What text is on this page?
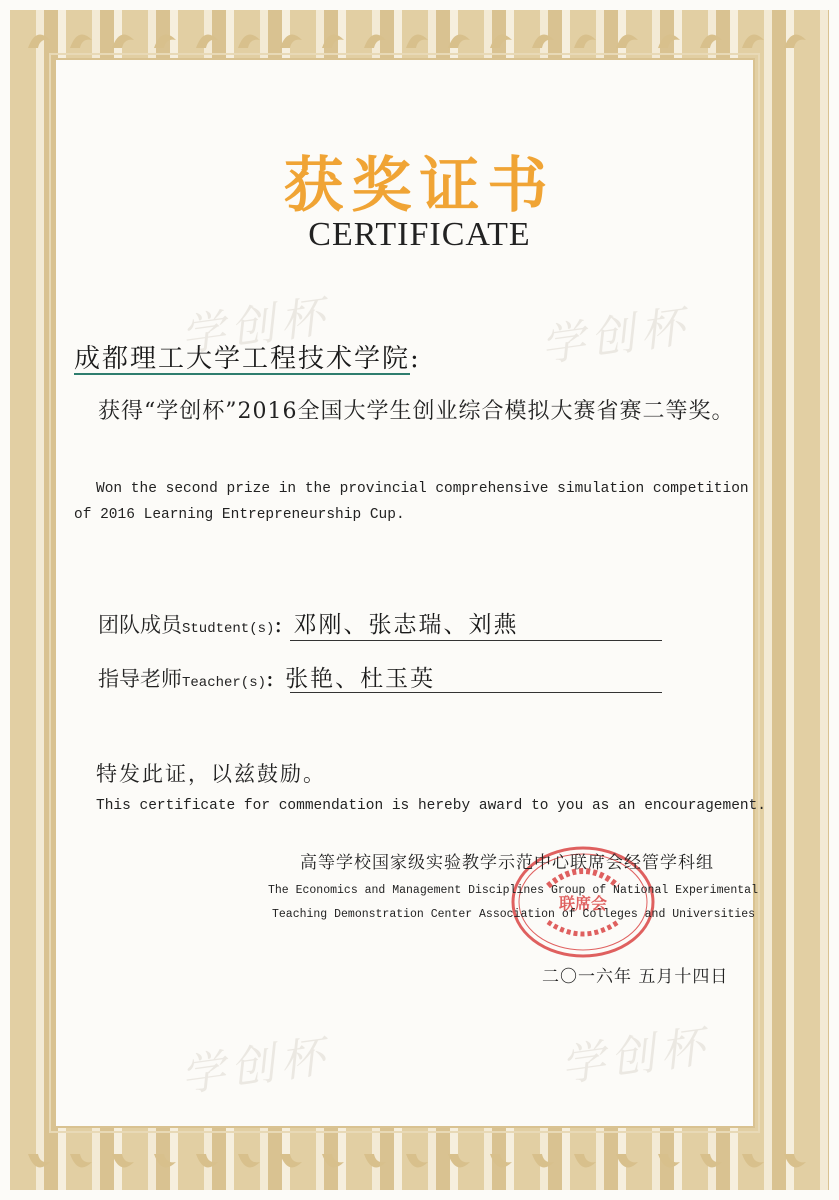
学创杯	学创杯
学创杯
学创杯
获奖证书
CERTIFICATE
成都理工大学工程技术学院:
获得“学创杯”2016全国大学生创业综合模拟大赛省赛二等奖。
Won the second prize in the provincial comprehensive simulation competition of 2016 Learning Entrepreneurship Cup.
团队成员Studtent(s): 邓刚、张志瑞、刘燕
指导老师Teacher(s): 张艳、杜玉英
特发此证，以兹鼓励。
This certificate for commendation is hereby award to you as an encouragement.
联席会
高等学校国家级实验教学示范中心联席会经管学科组
The Economics and Management Disciplines Group of National Experimental
Teaching Demonstration Center Association of Colleges and Universities
二〇一六年 五月十四日
